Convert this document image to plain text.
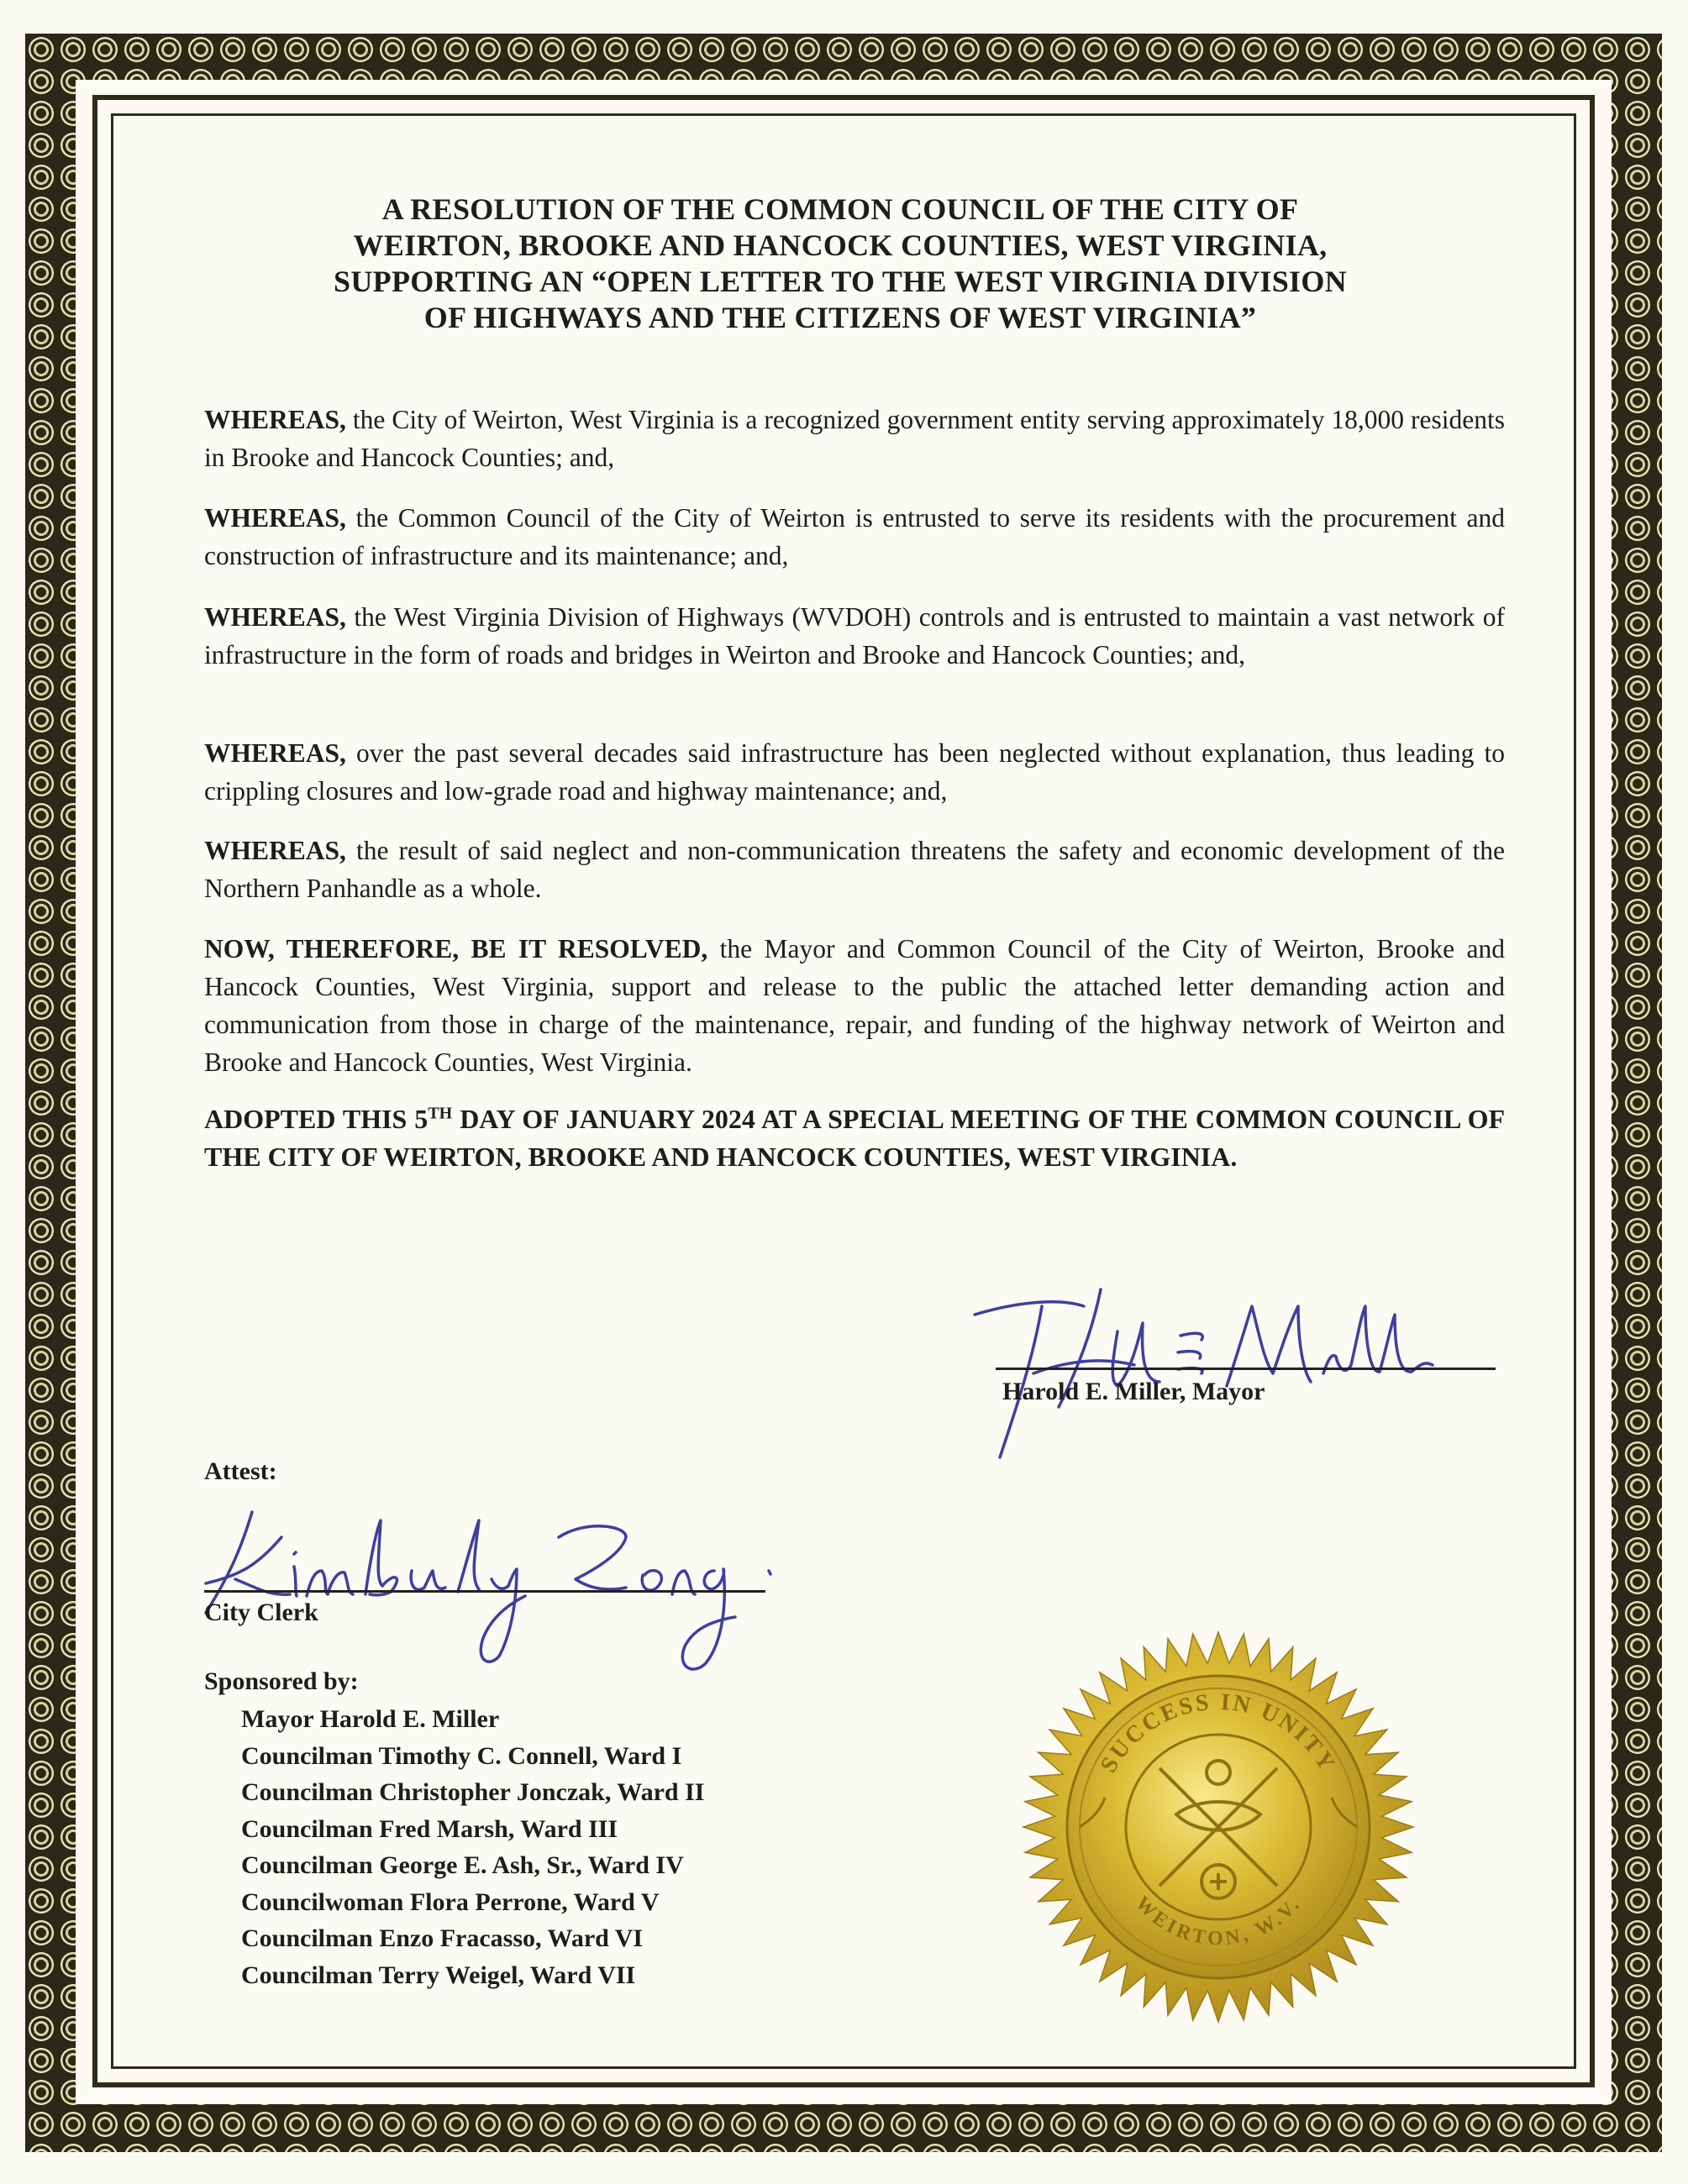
A RESOLUTION OF THE COMMON COUNCIL OF THE CITY OF
WEIRTON, BROOKE AND HANCOCK COUNTIES, WEST VIRGINIA,
SUPPORTING AN “OPEN LETTER TO THE WEST VIRGINIA DIVISION
OF HIGHWAYS AND THE CITIZENS OF WEST VIRGINIA”
WHEREAS, the City of Weirton, West Virginia is a recognized government entity serving approximately 18,000 residents in Brooke and Hancock Counties; and,
WHEREAS, the Common Council of the City of Weirton is entrusted to serve its residents with the procurement and construction of infrastructure and its maintenance; and,
WHEREAS, the West Virginia Division of Highways (WVDOH) controls and is entrusted to maintain a vast network of infrastructure in the form of roads and bridges in Weirton and Brooke and Hancock Counties; and,
WHEREAS, over the past several decades said infrastructure has been neglected without explanation, thus leading to crippling closures and low-grade road and highway maintenance; and,
WHEREAS, the result of said neglect and non-communication threatens the safety and economic development of the Northern Panhandle as a whole.
NOW, THEREFORE, BE IT RESOLVED, the Mayor and Common Council of the City of Weirton, Brooke and Hancock Counties, West Virginia, support and release to the public the attached letter demanding action and communication from those in charge of the maintenance, repair, and funding of the highway network of Weirton and Brooke and Hancock Counties, West Virginia.
ADOPTED THIS 5TH DAY OF JANUARY 2024 AT A SPECIAL MEETING OF THE COMMON COUNCIL OF THE CITY OF WEIRTON, BROOKE AND HANCOCK COUNTIES, WEST VIRGINIA.
Harold E. Miller, Mayor
Attest:
City Clerk
Sponsored by:
Mayor Harold E. Miller
Councilman Timothy C. Connell, Ward I
Councilman Christopher Jonczak, Ward II
Councilman Fred Marsh, Ward III
Councilman George E. Ash, Sr., Ward IV
Councilwoman Flora Perrone, Ward V
Councilman Enzo Fracasso, Ward VI
Councilman Terry Weigel, Ward VII
SUCCESS IN UNITY
WEIRTON, W.V.
